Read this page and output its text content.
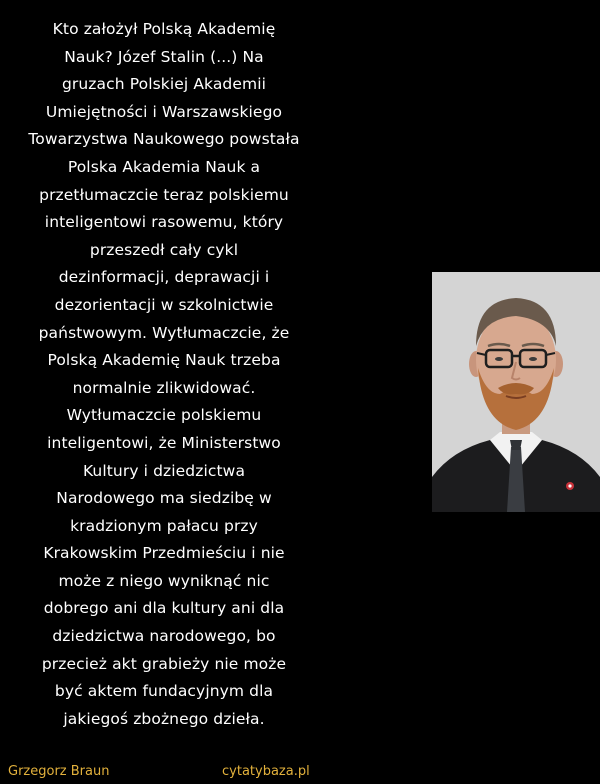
Kto założył Polską Akademię
Nauk? Józef Stalin (...) Na
gruzach Polskiej Akademii
Umiejętności i Warszawskiego
Towarzystwa Naukowego powstała
Polska Akademia Nauk a
przetłumaczcie teraz polskiemu
inteligentowi rasowemu, który
przeszedł cały cykl
dezinformacji, deprawacji i
dezorientacji w szkolnictwie
państwowym. Wytłumaczcie, że
Polską Akademię Nauk trzeba
normalnie zlikwidować.
Wytłumaczcie polskiemu
inteligentowi, że Ministerstwo
Kultury i dziedzictwa
Narodowego ma siedzibę w
kradzionym pałacu przy
Krakowskim Przedmieściu i nie
może z niego wyniknąć nic
dobrego ani dla kultury ani dla
dziedzictwa narodowego, bo
przecież akt grabieży nie może
być aktem fundacyjnym dla
jakiegoś zbożnego dzieła.
Grzegorz Braun	cytatybaza.pl
